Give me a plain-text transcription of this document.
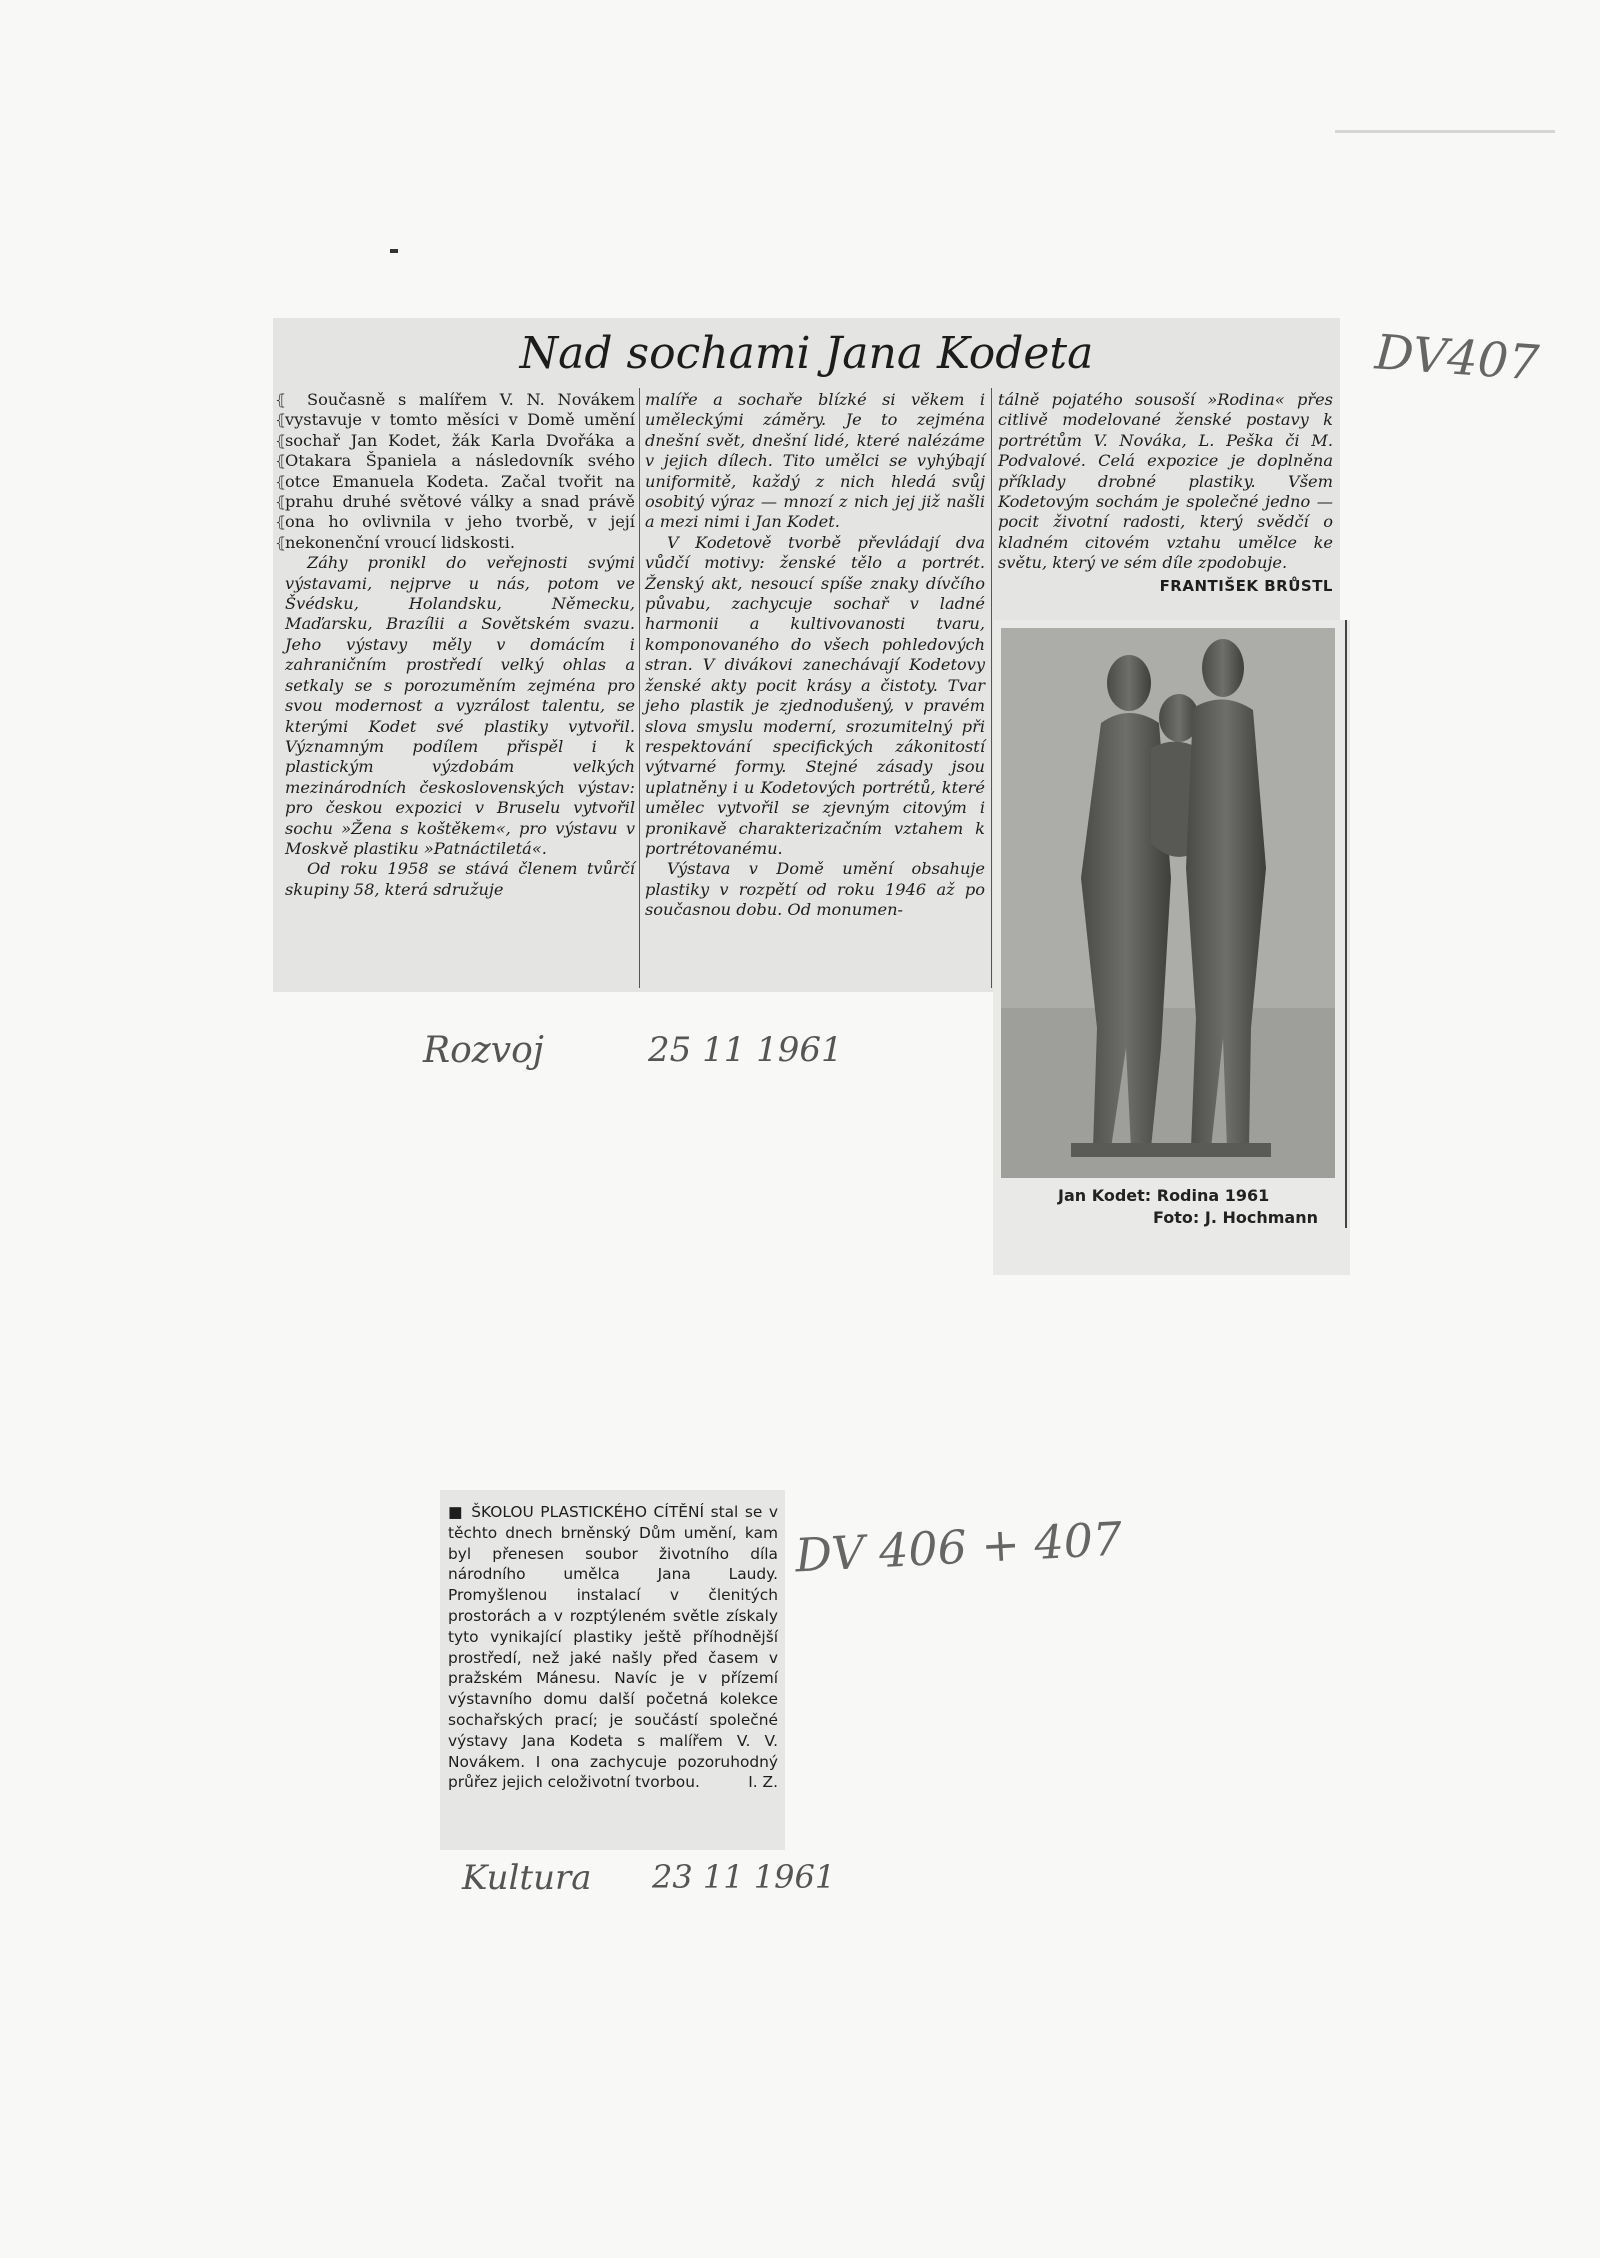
Nad sochami Jana Kodeta
⦃
⦃
⦃
⦃
⦃
⦃
⦃
⦃

Současně s malířem V. N. Novákem vystavuje v tomto měsíci v Domě umění sochař Jan Kodet, žák Karla Dvořáka a Otakara Španiela a následovník svého otce Emanuela Kodeta. Začal tvořit na prahu druhé světové války a snad právě ona ho ovlivnila v jeho tvorbě, v její nekonenční vroucí lidskosti.

Záhy pronikl do veřejnosti svými výstavami, nejprve u nás, potom ve Švédsku, Holandsku, Německu, Maďarsku, Brazílii a Sovětském svazu. Jeho výstavy měly v domácím i zahraničním prostředí velký ohlas a setkaly se s porozuměním zejména pro svou modernost a vyzrálost talentu, se kterými Kodet své plastiky vytvořil. Významným podílem přispěl i k plastickým výzdobám velkých mezinárodních československých výstav: pro českou expozici v Bruselu vytvořil sochu »Žena s koštěkem«, pro výstavu v Moskvě plastiku »Patnáctiletá«.

Od roku 1958 se stává členem tvůrčí skupiny 58, která sdružuje

malíře a sochaře blízké si věkem i uměleckými záměry. Je to zejména dnešní svět, dnešní lidé, které nalézáme v jejich dílech. Tito umělci se vyhýbají uniformitě, každý z nich hledá svůj osobitý výraz — mnozí z nich jej již našli a mezi nimi i Jan Kodet.

V Kodetově tvorbě převládají dva vůdčí motivy: ženské tělo a portrét. Ženský akt, nesoucí spíše znaky dívčího půvabu, zachycuje sochař v ladné harmonii a kultivovanosti tvaru, komponovaného do všech pohledových stran. V divákovi zanechávají Kodetovy ženské akty pocit krásy a čistoty. Tvar jeho plastik je zjednodušený, v pravém slova smyslu moderní, srozumitelný při respektování specifických zákonitostí výtvarné formy. Stejné zásady jsou uplatněny i u Kodetových portrétů, které umělec vytvořil se zjevným citovým i pronikavě charakterizačním vztahem k portrétovanému.

Výstava v Domě umění obsahuje plastiky v rozpětí od roku 1946 až po současnou dobu. Od monumen-

tálně pojatého sousoší »Rodina« přes citlivě modelované ženské postavy k portrétům V. Nováka, L. Peška či M. Podvalové. Celá expozice je doplněna příklady drobné plastiky. Všem Kodetovým sochám je společné jedno — pocit životní radosti, který svědčí o kladném citovém vztahu umělce ke světu, který ve sém díle zpodobuje.

FRANTIŠEK BRŮSTL
Jan Kodet: Rodina 1961
Foto: J. Hochmann
Rozvoj	25 11 1961
DV407
■ ŠKOLOU PLASTICKÉHO CÍTĚNÍ stal se v těchto dnech brněnský Dům umění, kam byl přenesen soubor životního díla národního umělca Jana Laudy. Promyšlenou instalací v členitých prostorách a v rozptýleném světle získaly tyto vynikající plastiky ještě příhodnější prostředí, než jaké našly před časem v pražském Mánesu. Navíc je v přízemí výstavního domu další početná kolekce sochařských prací; je součástí společné výstavy Jana Kodeta s malířem V. V. Novákem. I ona zachycuje pozoruhodný průřez jejich celoživotní tvorbou.	I. Z.
DV 406 + 407
Kultura 23 11 1961
